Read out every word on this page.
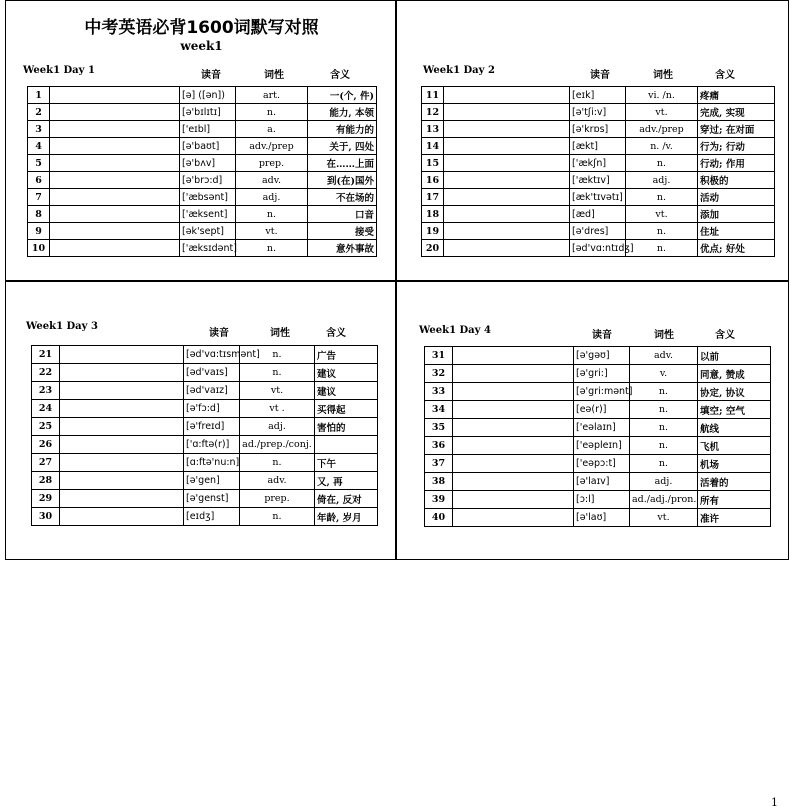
中考英语必背1600词默写对照
week1
Week1 Day 1	读音	词性	含义
1		[ə] ([ən])	art.	一(个, 件)
2		[ə'bɪlɪtɪ]	n.	能力, 本领
3		['eɪbl]	a.	有能力的
4		[ə'baʊt]	adv./prep	关于, 四处
5		[ə'bʌv]	prep.	在……上面
6		[ə'brɔ:d]	adv.	到(在)国外
7		['æbsənt]	adj.	不在场的
8		['æksent]	n.	口音
9		[ək'sept]	vt.	接受
10		['æksɪdənt]	n.	意外事故
Week1 Day 2	读音	词性	含义
11		[eɪk]	vi. /n.	疼痛
12		[ə'tʃi:v]	vt.	完成, 实现
13		[ə'krɒs]	adv./prep	穿过; 在对面
14		[ækt]	n. /v.	行为; 行动
15		['ækʃn]	n.	行动; 作用
16		['æktɪv]	adj.	积极的
17		[æk'tɪvətɪ]	n.	活动
18		[æd]	vt.	添加
19		[ə'dres]	n.	住址
20		[əd'vɑ:ntɪdʒ]	n.	优点; 好处
Week1 Day 3
读音	词性	含义
21		[əd'vɑ:tɪsmənt]	n.	广告
22		[əd'vaɪs]	n.	建议
23		[əd'vaɪz]	vt.	建议
24		[ə'fɔ:d]	vt .	买得起
25		[ə'freɪd]	adj.	害怕的
26		['ɑ:ftə(r)]	ad./prep./conj.	
27		[ɑ:ftə'nu:n]	n.	下午
28		[ə'gen]	adv.	又, 再
29		[ə'genst]	prep.	倚在, 反对
30		[eɪdʒ]	n.	年龄, 岁月
Week1 Day 4	读音	词性	含义
31		[ə'gəʊ]	adv.	以前
32		[ə'gri:]	v.	同意, 赞成
33		[ə'gri:mənt]	n.	协定, 协议
34		[eə(r)]	n.	填空; 空气
35		['eəlaɪn]	n.	航线
36		['eəpleɪn]	n.	飞机
37		['eəpɔ:t]	n.	机场
38		[ə'laɪv]	adj.	活着的
39		[ɔ:l]	ad./adj./pron.	所有
40		[ə'laʊ]	vt.	准许
1
